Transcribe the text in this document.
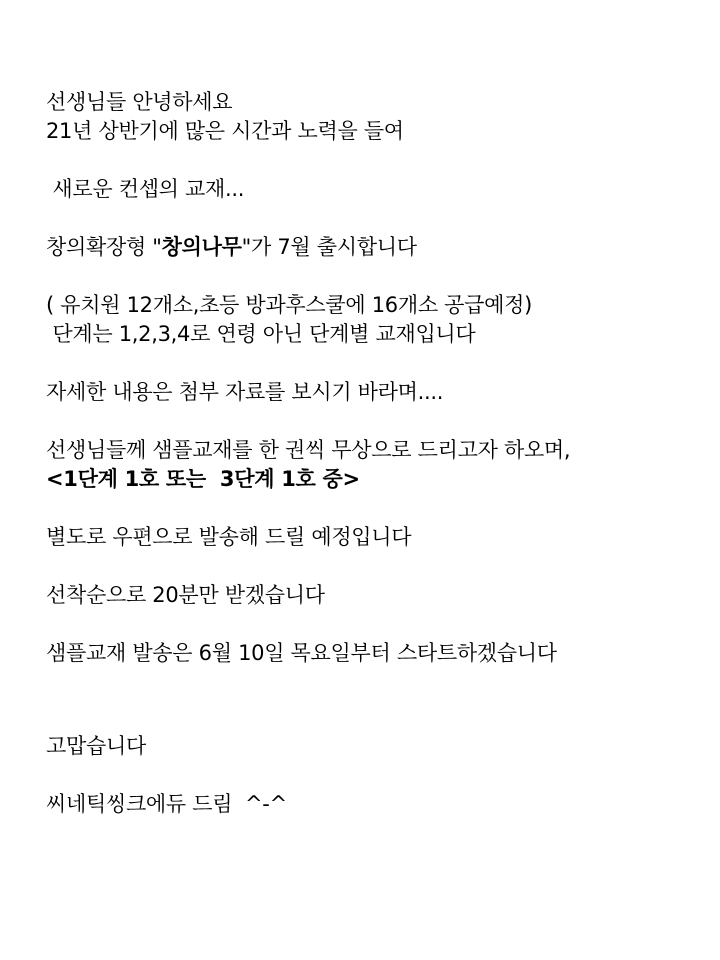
선생님들 안녕하세요
21년 상반기에 많은 시간과 노력을 들여
새로운 컨셉의 교재...
창의확장형 "창의나무"가 7월 출시합니다
( 유치원 12개소,초등 방과후스쿨에 16개소 공급예정)
단계는 1,2,3,4로 연령 아닌 단계별 교재입니다
자세한 내용은 첨부 자료를 보시기 바라며....
선생님들께 샘플교재를 한 권씩 무상으로 드리고자 하오며,
<1단계 1호 또는  3단계 1호 중>
별도로 우편으로 발송해 드릴 예정입니다
선착순으로 20분만 받겠습니다
샘플교재 발송은 6월 10일 목요일부터 스타트하겠습니다
고맙습니다
씨네틱씽크에듀 드림  ^-^
